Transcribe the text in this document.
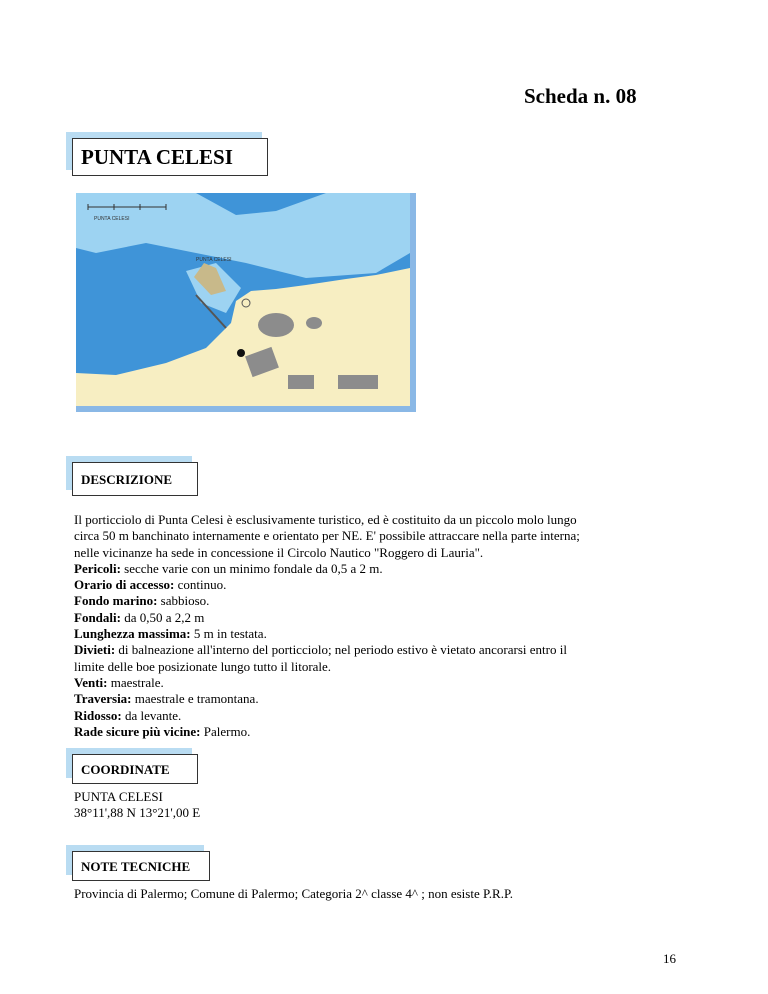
Scheda n. 08
PUNTA CELESI
PUNTA CELESI
PUNTA CELESI
DESCRIZIONE

Il porticciolo di Punta Celesi è esclusivamente turistico, ed è costituito da un piccolo molo lungo

circa 50 m banchinato internamente e orientato per NE. E' possibile attraccare nella parte interna;

nelle vicinanze ha sede in concessione il Circolo Nautico "Roggero di Lauria".

Pericoli: secche varie con un minimo fondale da 0,5 a 2 m.

Orario di accesso: continuo.

Fondo marino: sabbioso.

Fondali: da 0,50 a 2,2 m

Lunghezza massima: 5 m in testata.

Divieti: di balneazione all'interno del porticciolo; nel periodo estivo è vietato ancorarsi entro il

limite delle boe posizionate lungo tutto il litorale.

Venti: maestrale.

Traversia: maestrale e tramontana.

Ridosso: da levante.

Rade sicure più vicine: Palermo.

COORDINATE

PUNTA CELESI

38°11',88 N 13°21',00 E

NOTE TECNICHE
Provincia di Palermo; Comune di Palermo; Categoria 2^ classe 4^ ; non esiste P.R.P.
16
